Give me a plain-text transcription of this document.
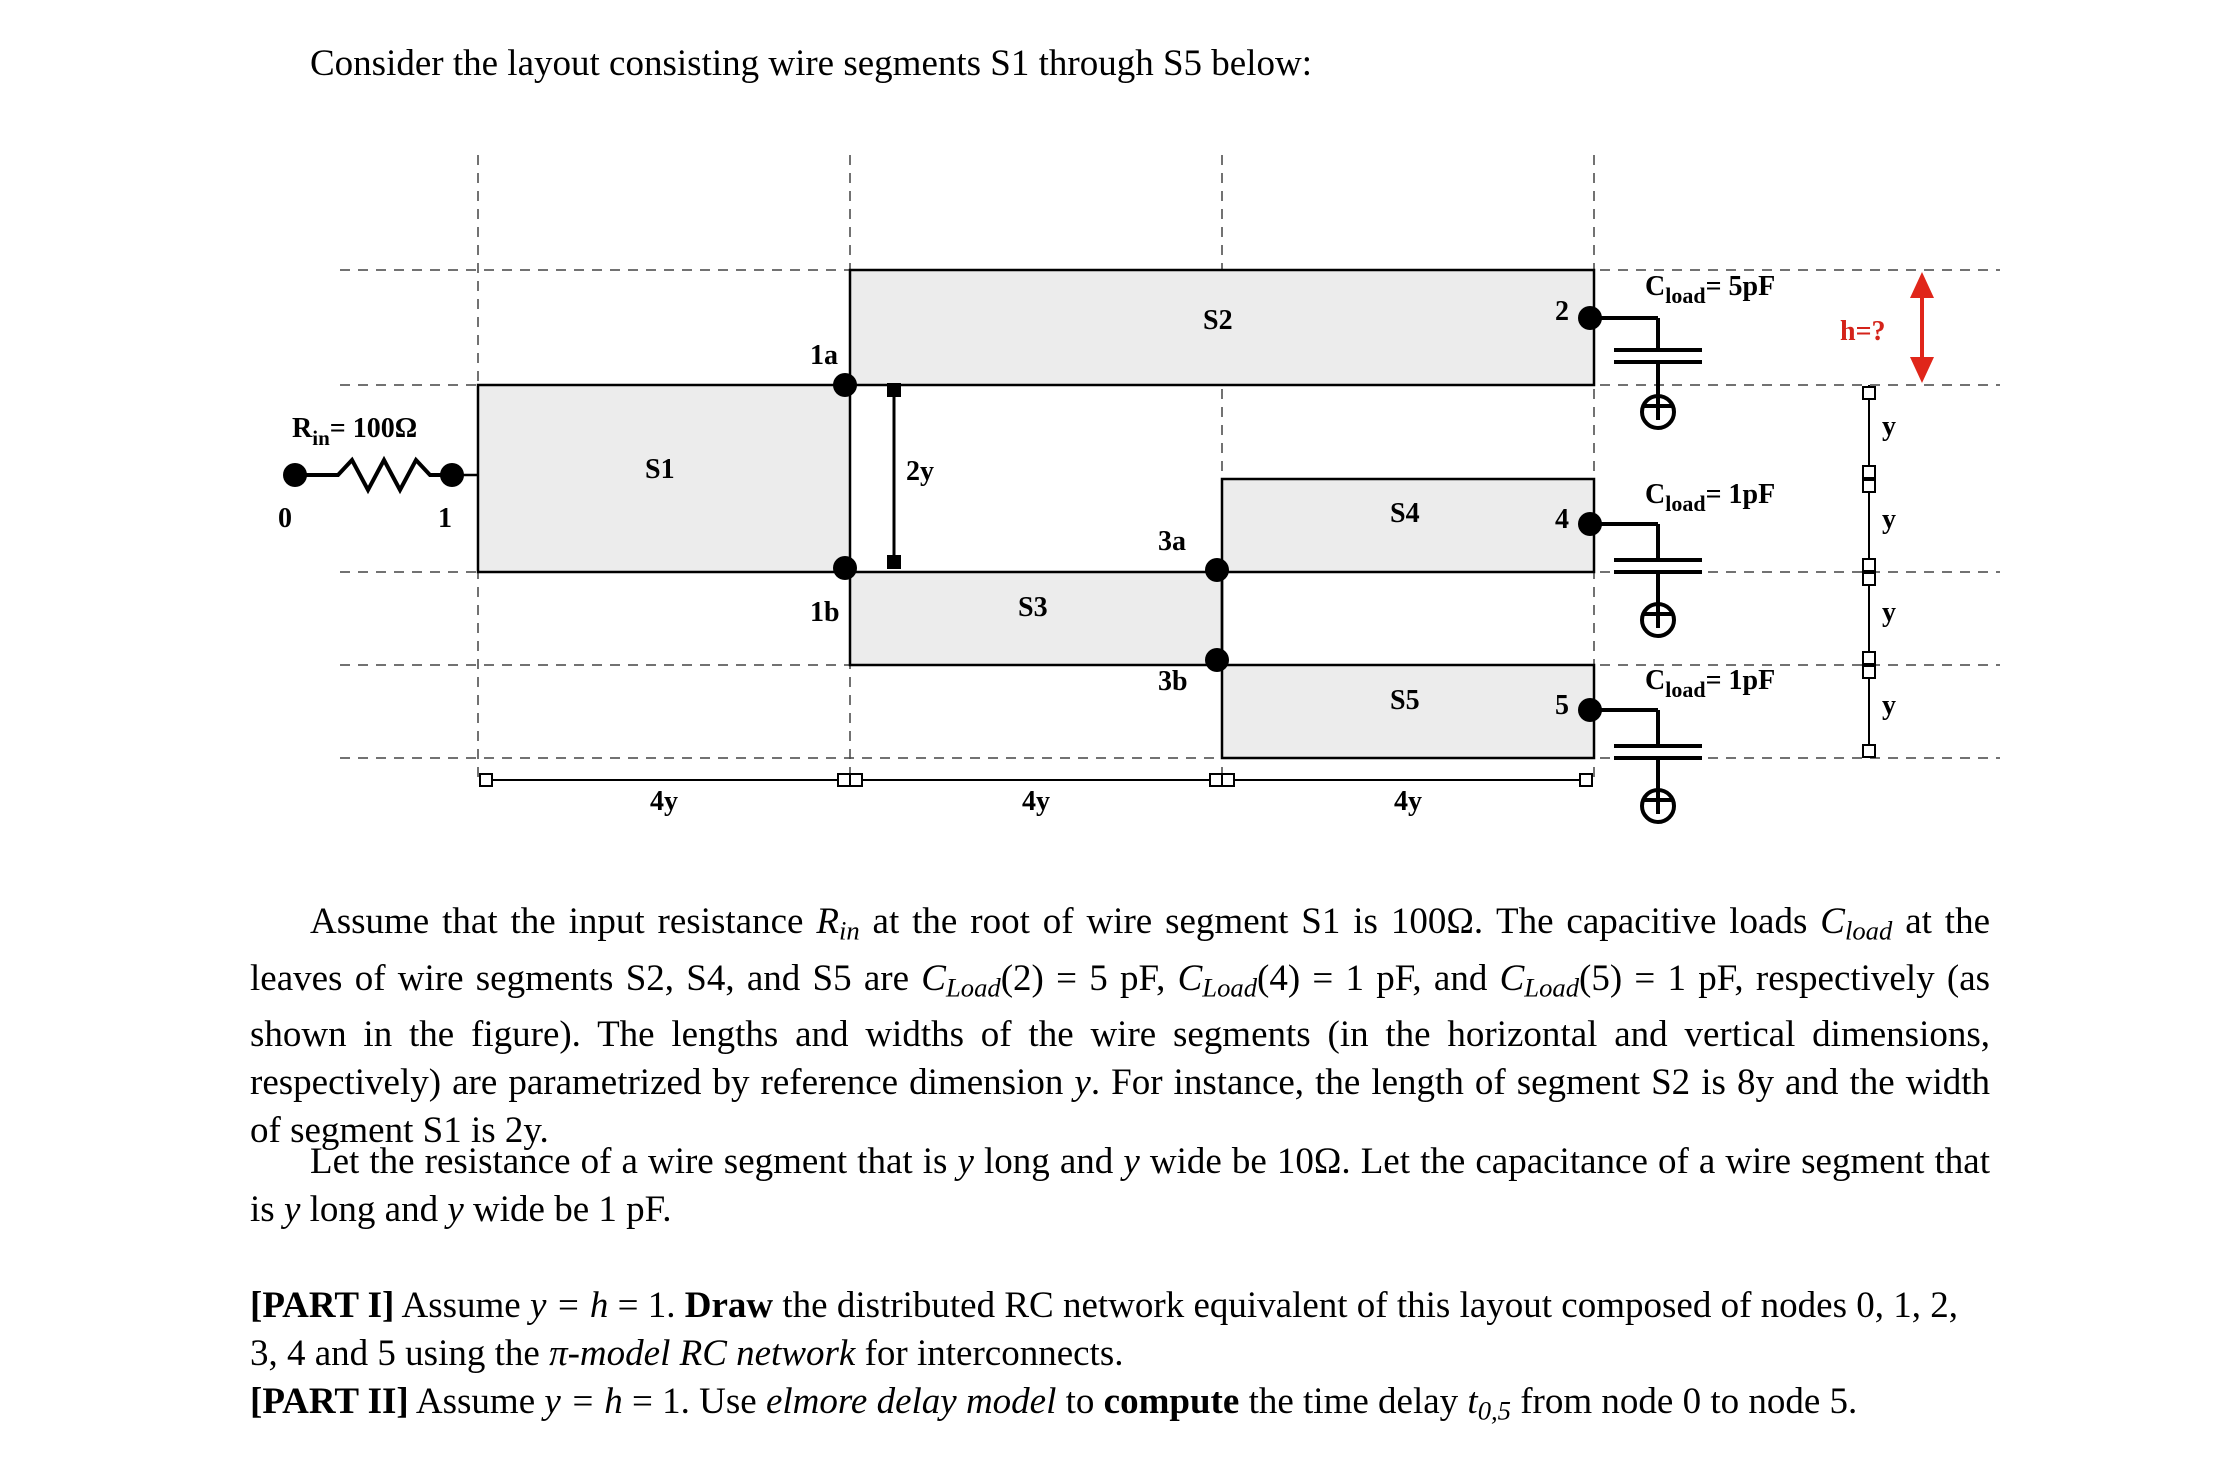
Consider the layout consisting wire segments S1 through S5 below:
$R_{in}= 100\Omega$
0	1
S1
S2
S3
S4
S5
1a
1b
2y
3a
3b
2
4
5
4y	4y	4y
y
y
y
y
h=?
$C_{load}= 5pF$
$C_{load}= 1pF$
$C_{load}= 1pF$
Assume that the input resistance $R_{in}$ at the root of wire segment S1 is 100Ω. The capacitive loads $C_{load}$ at the leaves of wire segments S2, S4, and S5 are $C_{Load}(2) = 5$ pF, $C_{Load}(4) = 1$ pF, and $C_{Load}(5) = 1$ pF, respectively (as shown in the figure). The lengths and widths of the wire segments (in the horizontal and vertical dimensions, respectively) are parametrized by reference dimension y. For instance, the length of segment S2 is 8y and the width of segment S1 is 2y.
Let the resistance of a wire segment that is y long and y wide be 10Ω. Let the capacitance of a wire segment that is y long and y wide be 1 pF.
[PART I] Assume y = h = 1. Draw the distributed RC network equivalent of this layout composed of nodes 0, 1, 2, 3, 4 and 5 using the π-model RC network for interconnects.
[PART II] Assume y = h = 1. Use elmore delay model to compute the time delay $t_{0,5}$ from node 0 to node 5.
